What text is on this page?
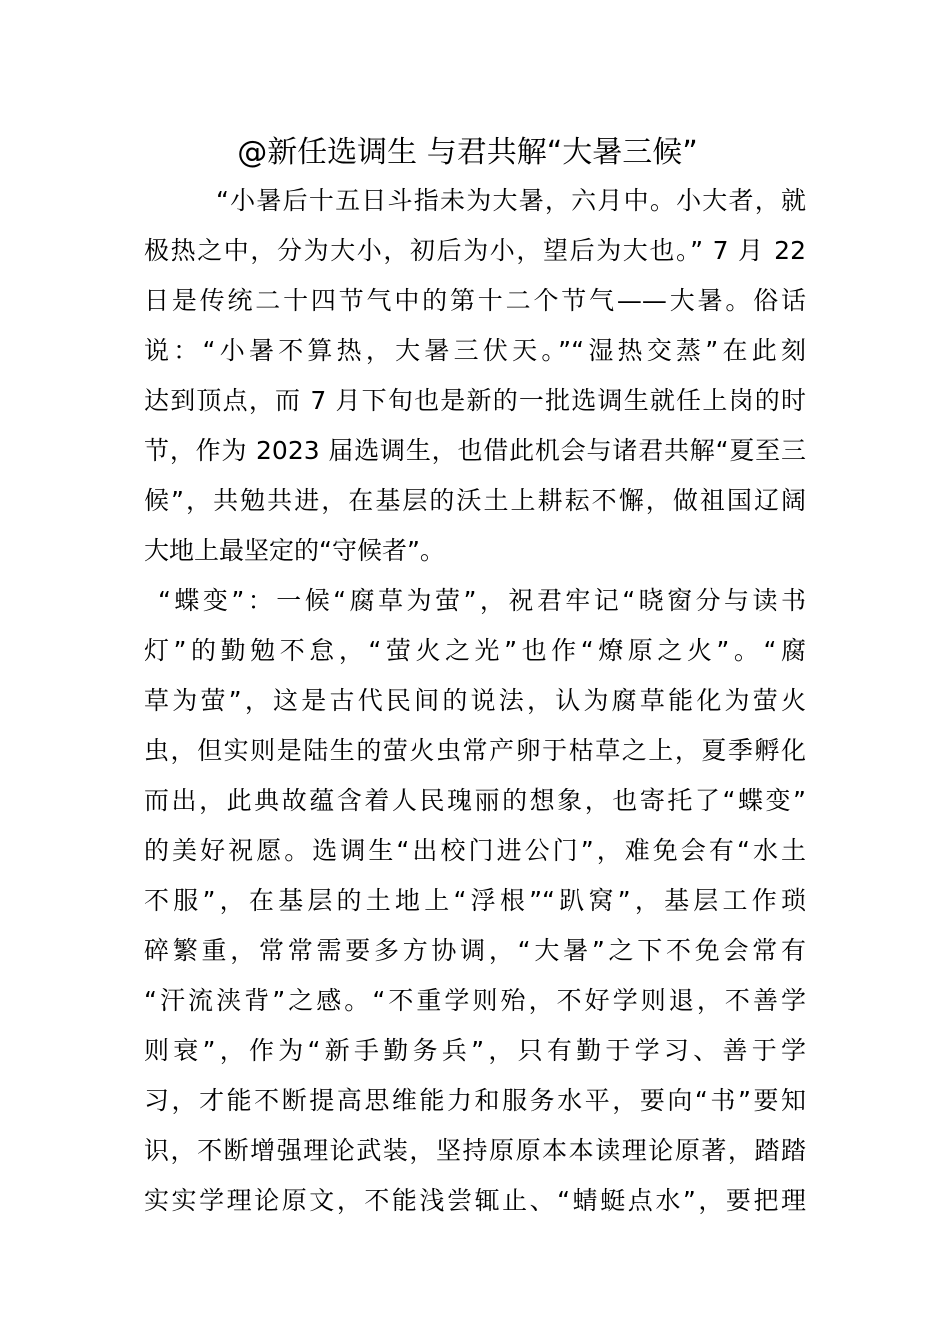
@新任选调生 与君共解“大暑三候”
“小暑后十五日斗指未为大暑，六月中。小大者，就
极热之中，分为大小，初后为小，望后为大也。” 7 月 22
日是传统二十四节气中的第十二个节气——大暑。俗话
说：“小暑不算热，大暑三伏天。”“湿热交蒸”在此刻
达到顶点，而 7 月下旬也是新的一批选调生就任上岗的时
节，作为 2023 届选调生，也借此机会与诸君共解“夏至三
候”，共勉共进，在基层的沃土上耕耘不懈，做祖国辽阔
大地上最坚定的“守候者”。
“蝶变”：一候“腐草为萤”，祝君牢记“晓窗分与读书
灯”的勤勉不怠，“萤火之光”也作“燎原之火”。“腐
草为萤”，这是古代民间的说法，认为腐草能化为萤火
虫，但实则是陆生的萤火虫常产卵于枯草之上，夏季孵化
而出，此典故蕴含着人民瑰丽的想象，也寄托了“蝶变”
的美好祝愿。选调生“出校门进公门”，难免会有“水土
不服”，在基层的土地上“浮根”“趴窝”，基层工作琐
碎繁重，常常需要多方协调，“大暑”之下不免会常有
“汗流浃背”之感。“不重学则殆，不好学则退，不善学
则衰”，作为“新手勤务兵”，只有勤于学习、善于学
习，才能不断提高思维能力和服务水平，要向“书”要知
识，不断增强理论武装，坚持原原本本读理论原著，踏踏
实实学理论原文，不能浅尝辄止、“蜻蜓点水”，要把理
